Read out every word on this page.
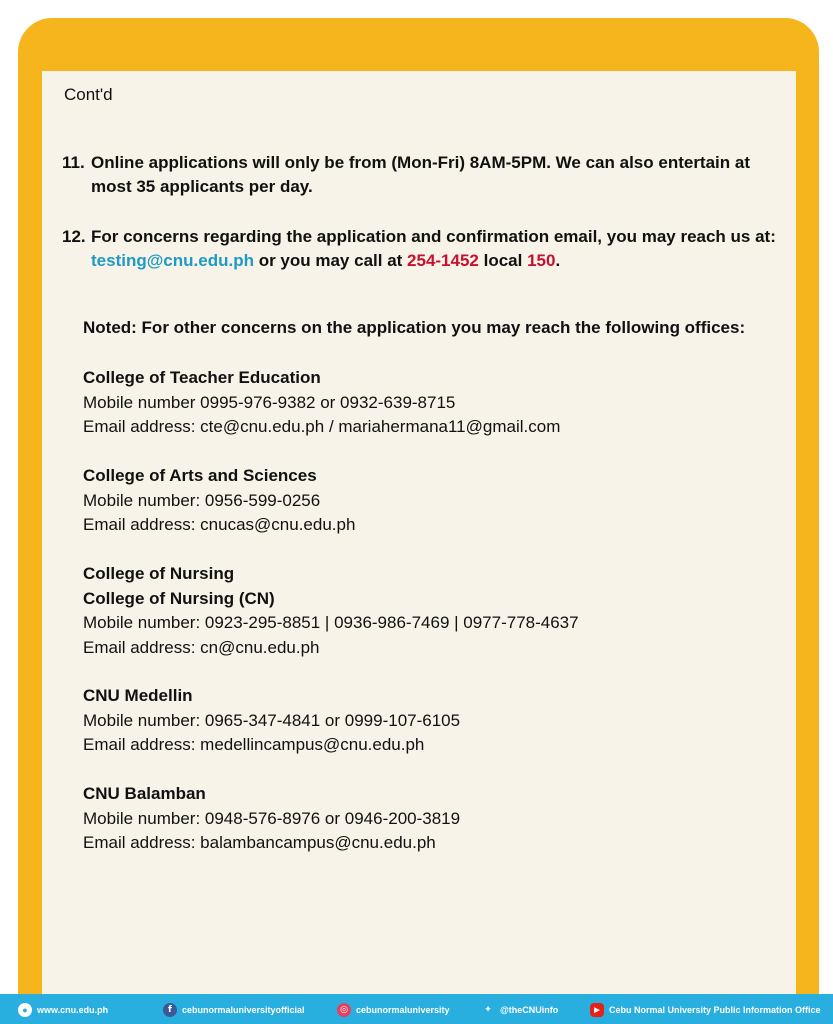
Cont'd
11. Online applications will only be from (Mon-Fri) 8AM-5PM. We can also entertain at most 35 applicants per day.
12. For concerns regarding the application and confirmation email, you may reach us at: testing@cnu.edu.ph or you may call at 254-1452 local 150.
Noted: For other concerns on the application you may reach the following offices:
College of Teacher Education
Mobile number 0995-976-9382 or 0932-639-8715
Email address: cte@cnu.edu.ph / mariahermana11@gmail.com
College of Arts and Sciences
Mobile number: 0956-599-0256
Email address: cnucas@cnu.edu.ph
College of Nursing
College of Nursing (CN)
Mobile number: 0923-295-8851 | 0936-986-7469 | 0977-778-4637
Email address: cn@cnu.edu.ph
CNU Medellin
Mobile number: 0965-347-4841 or 0999-107-6105
Email address: medellincampus@cnu.edu.ph
CNU Balamban
Mobile number: 0948-576-8976 or 0946-200-3819
Email address: balambancampus@cnu.edu.ph
●	www.cnu.edu.ph	f	cebunormaluniversityofficial	◎ cebunormaluniversity	✦ @theCNUinfo	▶	Cebu Normal University Public Information Office
